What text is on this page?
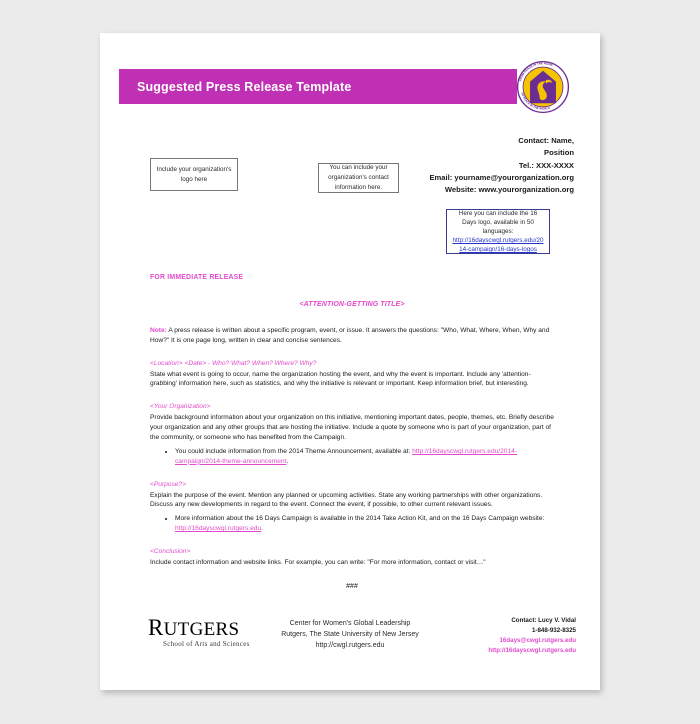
Suggested Press Release Template	FROM PEACE IN THE HOME
TO PEACE IN THE WORLD
Include your organization's logo here
You can include your organization's contact information here.
Here you can include the 16 Days logo, available in 50 languages:
http://16dayscwgl.rutgers.edu/2014-campaign/16-days-logos
Contact: Name,
Position
Tel.: XXX-XXXX
Email: yourname@yourorganization.org
Website: www.yourorganization.org
FOR IMMEDIATE RELEASE
<ATTENTION-GETTING TITLE>
Note: A press release is written about a specific program, event, or issue. It answers the questions: "Who, What, Where, When, Why and How?" It is one page long, written in clear and concise sentences.
<Location> <Date> - Who? What? When? Where? Why?
State what event is going to occur, name the organization hosting the event, and why the event is important. Include any 'attention-grabbing' information here, such as statistics, and why the initiative is relevant or important. Keep information brief, but interesting.
<Your Organization>
Provide background information about your organization on this initiative, mentioning important dates, people, themes, etc. Briefly describe your organization and any other groups that are hosting the initiative. Include a quote by someone who is part of your organization, part of the community, or someone who has benefited from the Campaign.
• You could include information from the 2014 Theme Announcement, available at: http://16dayscwgl.rutgers.edu/2014-campaign/2014-theme-announcement.
<Purpose?>
Explain the purpose of the event. Mention any planned or upcoming activities. State any working partnerships with other organizations. Discuss any new developments in regard to the event. Connect the event, if possible, to other current relevant issues.
• More information about the 16 Days Campaign is available in the 2014 Take Action Kit, and on the 16 Days Campaign website: http://16dayscwgl.rutgers.edu.
<Conclusion>
Include contact information and website links. For example, you can write: "For more information, contact or visit…"
###
RUTGERS
School of Arts and Sciences
Center for Women's Global Leadership
Rutgers, The State University of New Jersey
http://cwgl.rutgers.edu
Contact: Lucy V. Vidal
1-848-932-8325
16days@cwgl.rutgers.edu
http://16dayscwgl.rutgers.edu
